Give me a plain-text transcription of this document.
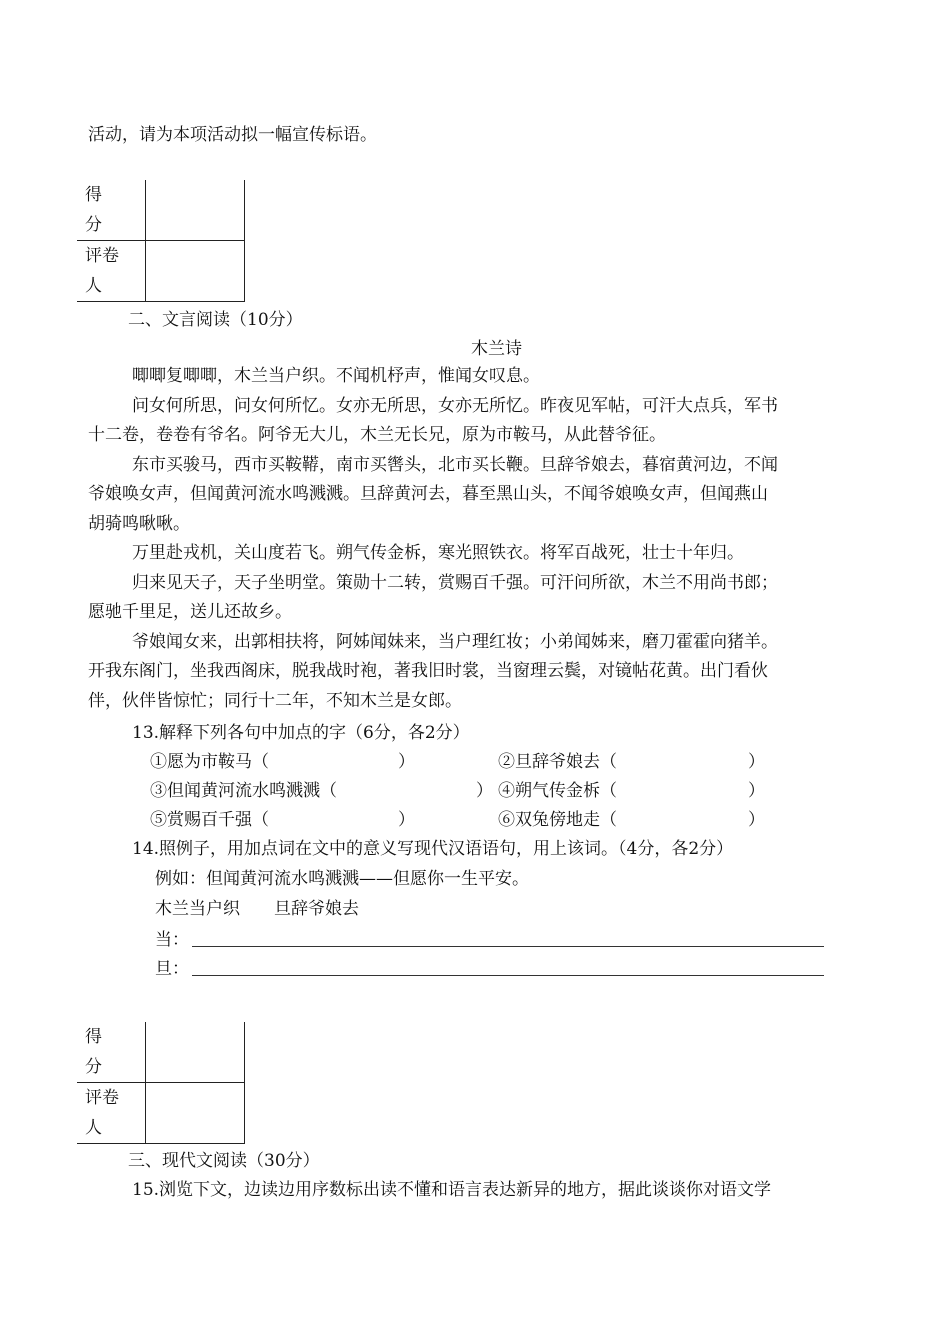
活动，请为本项活动拟一幅宣传标语。
得
分	
评卷
人	
二、文言阅读（10分）
木兰诗
唧唧复唧唧，木兰当户织。不闻机杼声，惟闻女叹息。
问女何所思，问女何所忆。女亦无所思，女亦无所忆。昨夜见军帖，可汗大点兵，军书
十二卷，卷卷有爷名。阿爷无大儿，木兰无长兄，原为市鞍马，从此替爷征。
东市买骏马，西市买鞍鞯，南市买辔头，北市买长鞭。旦辞爷娘去，暮宿黄河边，不闻
爷娘唤女声，但闻黄河流水鸣溅溅。旦辞黄河去，暮至黑山头，不闻爷娘唤女声，但闻燕山
胡骑鸣啾啾。
万里赴戎机，关山度若飞。朔气传金柝，寒光照铁衣。将军百战死，壮士十年归。
归来见天子，天子坐明堂。策勋十二转，赏赐百千强。可汗问所欲，木兰不用尚书郎；
愿驰千里足，送儿还故乡。
爷娘闻女来，出郭相扶将，阿姊闻妹来，当户理红妆；小弟闻姊来，磨刀霍霍向猪羊。
开我东阁门，坐我西阁床，脱我战时袍，著我旧时裳，当窗理云鬓，对镜帖花黄。出门看伙
伴，伙伴皆惊忙；同行十二年，不知木兰是女郎。
13.解释下列各句中加点的字（6分，各2分）
①愿为市鞍马（	）	②旦辞爷娘去（	）
③但闻黄河流水鸣溅溅（	） ④朔气传金柝（	）
⑤赏赐百千强（	）	⑥双兔傍地走（	）
14.照例子，用加点词在文中的意义写现代汉语语句，用上该词。（4分，各2分）
例如：但闻黄河流水鸣溅溅——但愿你一生平安。
木兰当户织　　旦辞爷娘去
当：
旦：
得
分	
评卷
人	
三、现代文阅读（30分）
15.浏览下文，边读边用序数标出读不懂和语言表达新异的地方，据此谈谈你对语文学
